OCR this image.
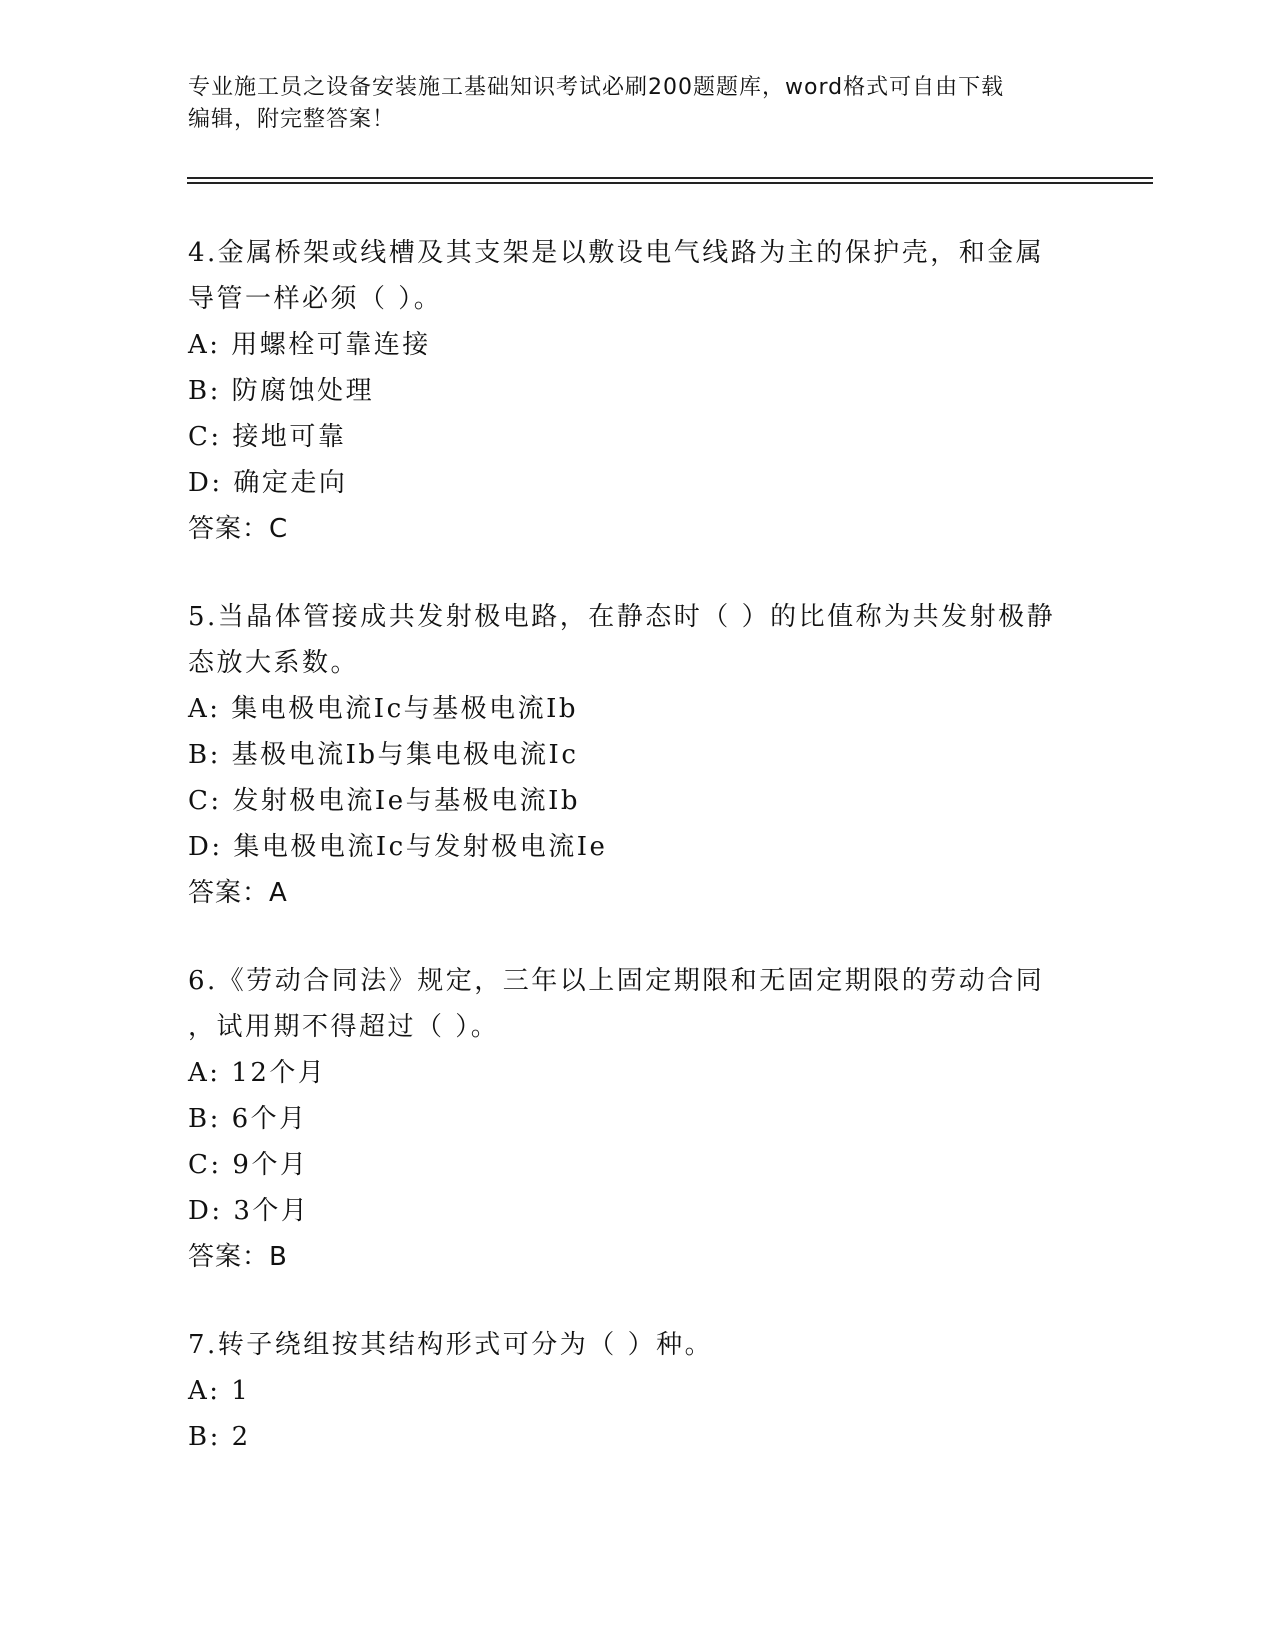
专业施工员之设备安装施工基础知识考试必刷200题题库，word格式可自由下载
编辑，附完整答案！
4.金属桥架或线槽及其支架是以敷设电气线路为主的保护壳，和金属
导管一样必须（ ）。
A: 用螺栓可靠连接
B: 防腐蚀处理
C: 接地可靠
D: 确定走向
答案：C
5.当晶体管接成共发射极电路，在静态时（ ）的比值称为共发射极静
态放大系数。
A: 集电极电流Ic与基极电流Ib
B: 基极电流Ib与集电极电流Ic
C: 发射极电流Ie与基极电流Ib
D: 集电极电流Ic与发射极电流Ie
答案：A
6.《劳动合同法》规定，三年以上固定期限和无固定期限的劳动合同
，试用期不得超过（ ）。
A: 12个月
B: 6个月
C: 9个月
D: 3个月
答案：B
7.转子绕组按其结构形式可分为（ ）种。
A: 1
B: 2
